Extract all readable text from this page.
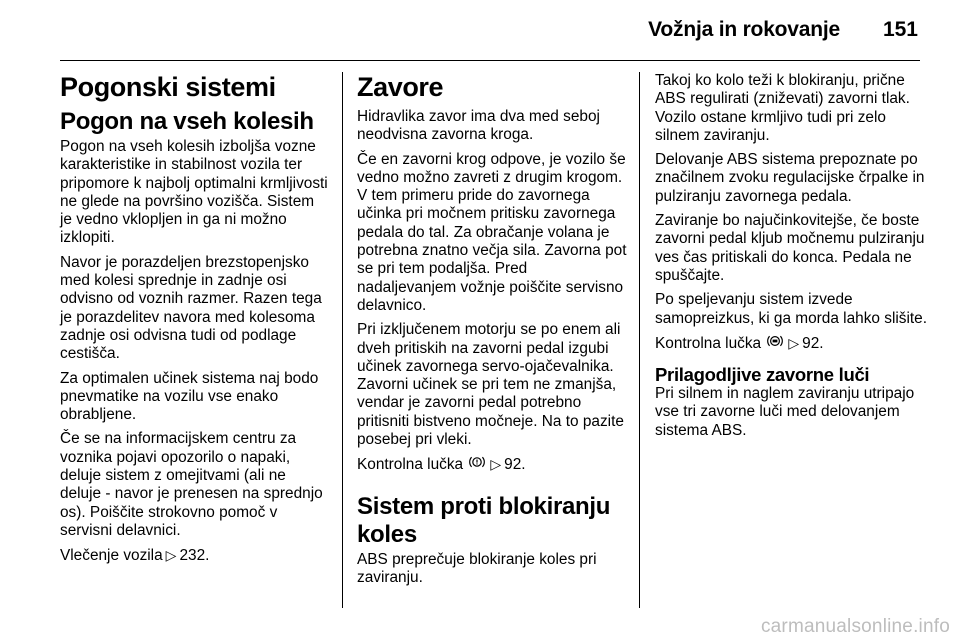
Vožnja in rokovanje 151
Pogonski sistemi
Pogon na vseh kolesih

Pogon na vseh kolesih izboljša vozne karakteristike in stabilnost vozila ter pripomore k najbolj optimalni krmljivosti ne glede na površino vozišča. Sistem je vedno vklopljen in ga ni možno izklopiti.

Navor je porazdeljen brezstopenjsko med kolesi sprednje in zadnje osi odvisno od voznih razmer. Razen tega je porazdelitev navora med kolesoma zadnje osi odvisna tudi od podlage cestišča.

Za optimalen učinek sistema naj bodo pnevmatike na vozilu vse enako obrabljene.

Če se na informacijskem centru za voznika pojavi opozorilo o napaki, deluje sistem z omejitvami (ali ne deluje - navor je prenesen na sprednjo os). Poiščite strokovno pomoč v servisni delavnici.

Vlečenje vozila ▷ 232.

Zavore

Hidravlika zavor ima dva med seboj neodvisna zavorna kroga.

Če en zavorni krog odpove, je vozilo še vedno možno zavreti z drugim krogom. V tem primeru pride do zavornega učinka pri močnem pritisku zavornega pedala do tal. Za obračanje volana je potrebna znatno večja sila. Zavorna pot se pri tem podaljša. Pred nadaljevanjem vožnje poiščite servisno delavnico.

Pri izključenem motorju se po enem ali dveh pritiskih na zavorni pedal izgubi učinek zavornega servo-ojačevalnika. Zavorni učinek se pri tem ne zmanjša, vendar je zavorni pedal potrebno pritisniti bistveno močneje. Na to pazite posebej pri vleki.

Kontrolna lučka ▷ 92.

Sistem proti blokiranju koles

ABS preprečuje blokiranje koles pri zaviranju.

Takoj ko kolo teži k blokiranju, pričnе ABS regulirati (zniževati) zavorni tlak. Vozilo ostane krmljivo tudi pri zelo silnem zaviranju.

Delovanje ABS sistema prepoznate po značilnem zvoku regulacijske črpalke in pulziranju zavornega pedala.

Zaviranje bo najučinkovitejše, če boste zavorni pedal kljub močnemu pulziranju ves čas pritiskali do konca. Pedala ne spuščajte.

Po speljevanju sistem izvede samopreizkus, ki ga morda lahko slišite.

Kontrolna lučka ▷ 92.

Prilagodljive zavorne luči

Pri silnem in naglem zaviranju utripajo vse tri zavorne luči med delovanjem sistema ABS.

carmanualsonline.info
